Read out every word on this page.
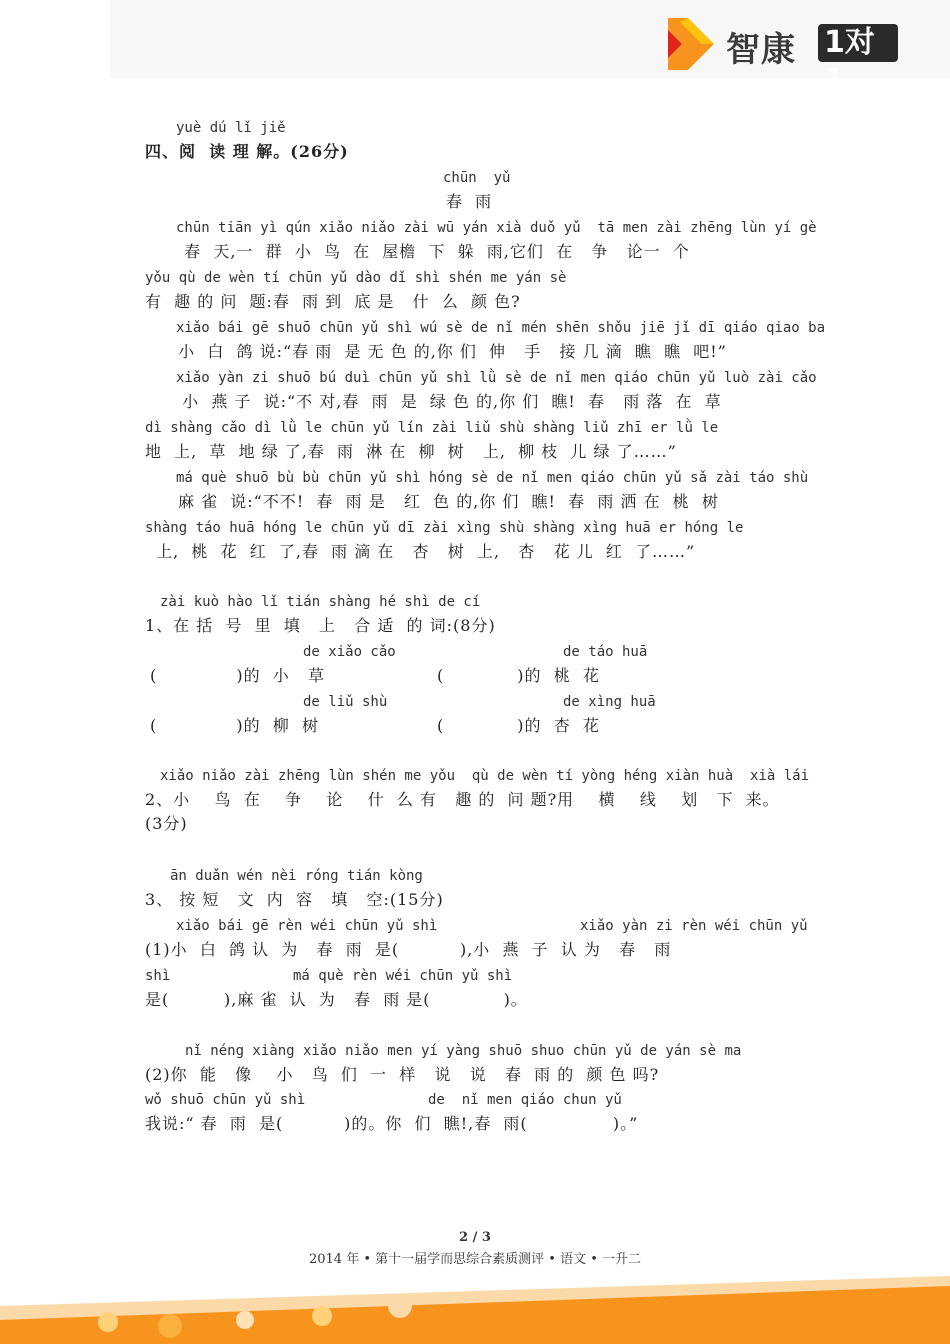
智康 1对1
yuè dú lǐ jiě
四、阅  读 理 解。(26分)
chūn  yǔ
春  雨
chūn tiān yì qún xiǎo niǎo zài wū yán xià duǒ yǔ  tā men zài zhēng lùn yí gè
春  天,一  群  小  鸟  在  屋檐  下  躲  雨,它们  在   争   论一  个
yǒu qù de wèn tí chūn yǔ dào dǐ shì shén me yán sè
有  趣 的 问  题:春  雨 到  底 是   什  么  颜 色?
xiǎo bái gē shuō chūn yǔ shì wú sè de nǐ mén shēn shǒu jiē jǐ dī qiáo qiao ba
小  白  鸽 说:“春 雨  是 无 色 的,你 们  伸   手   接 几 滴  瞧  瞧  吧!”
xiǎo yàn zi shuō bú duì chūn yǔ shì lǜ sè de nǐ men qiáo chūn yǔ luò zài cǎo
小  燕 子  说:“不 对,春  雨  是  绿 色 的,你 们  瞧!  春   雨 落  在  草
dì shàng cǎo dì lǜ le chūn yǔ lín zài liǔ shù shàng liǔ zhī er lǜ le
地  上,  草  地 绿 了,春  雨  淋 在  柳  树   上,  柳 枝  儿 绿 了……”
má què shuō bù bù chūn yǔ shì hóng sè de nǐ men qiáo chūn yǔ sǎ zài táo shù
麻 雀  说:“不不!  春  雨 是   红  色 的,你 们  瞧!  春  雨 洒 在  桃  树
shàng táo huā hóng le chūn yǔ dī zài xìng shù shàng xìng huā er hóng le
上,  桃  花  红  了,春  雨 滴 在   杏   树  上,   杏   花 儿  红  了……”
zài kuò hào lǐ tián shàng hé shì de cí
1、在 括  号  里  填   上   合 适  的 词:(8分)
de xiǎo cǎo	de táo huā
(             )的  小   草	(            )的  桃  花
de liǔ shù	de xìng huā
(             )的  柳  树	(            )的  杏  花
xiǎo niǎo zài zhēng lùn shén me yǒu  qù de wèn tí yòng héng xiàn huà  xià lái
2、小    鸟  在    争    论    什  么 有   趣 的  问 题?用    横    线    划   下  来。
(3分)
ān duǎn wén nèi róng tián kòng
3、 按 短   文  内  容   填   空:(15分)
xiǎo bái gē rèn wéi chūn yǔ shì	xiǎo yàn zi rèn wéi chūn yǔ
(1)小  白  鸽 认  为   春  雨  是(          ),小  燕  子  认 为   春   雨
shì	má què rèn wéi chūn yǔ shì
是(         ),麻 雀  认  为   春  雨 是(            )。
nǐ néng xiàng xiǎo niǎo men yí yàng shuō shuo chūn yǔ de yán sè ma
(2)你  能   像    小   鸟  们  一  样   说   说   春  雨 的  颜 色 吗?
wǒ shuō chūn yǔ shì	de  nǐ men qiáo chun yǔ
我说:“ 春  雨  是(          )的。你  们  瞧!,春  雨(              )。”
2 / 3
2014 年 • 第十一届学而思综合素质测评 • 语文 • 一升二
